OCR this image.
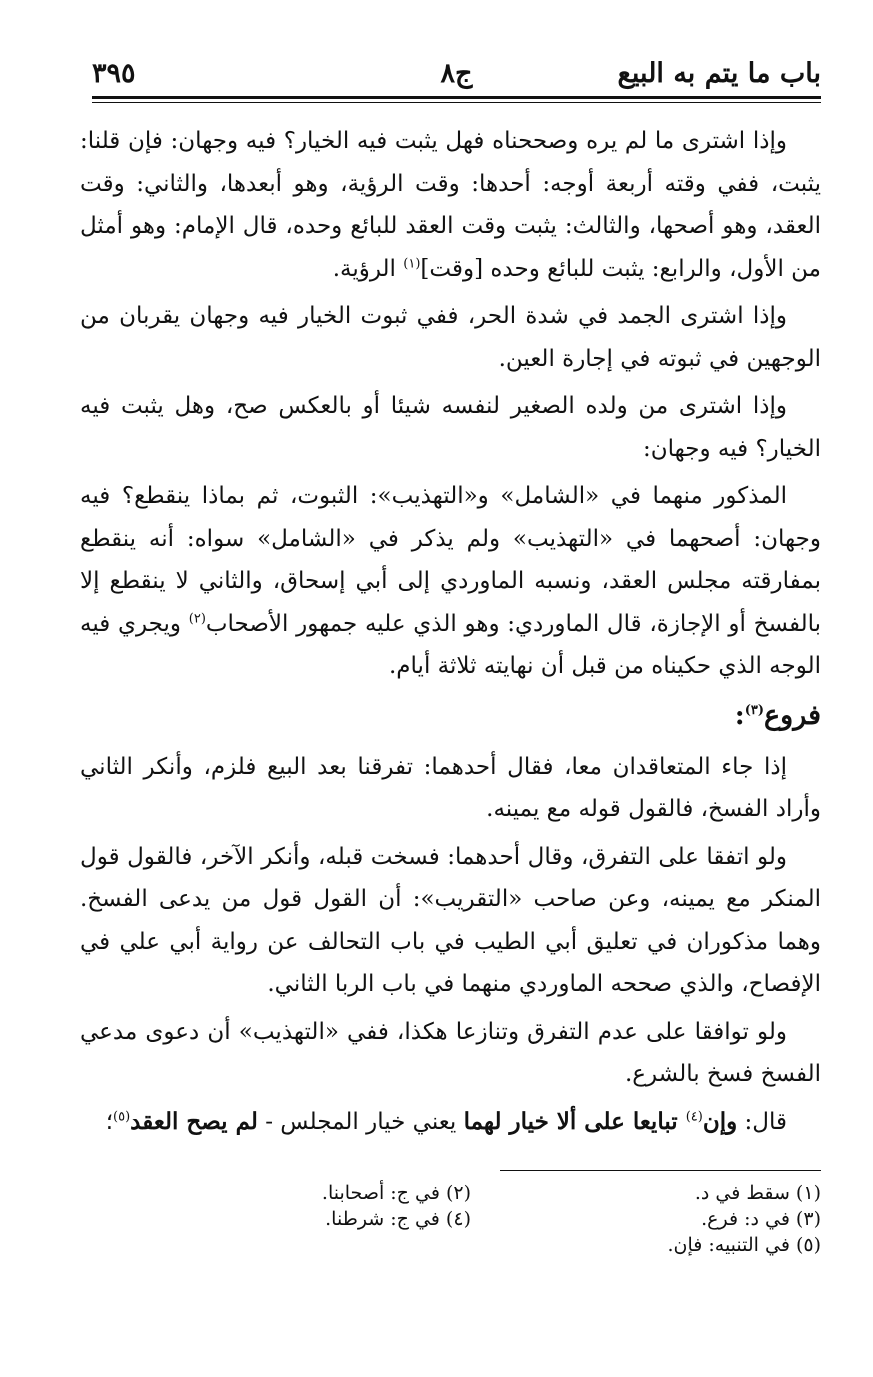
باب ما يتم به البيع
ج٨
٣٩٥

وإذا اشترى ما لم يره وصححناه فهل يثبت فيه الخيار؟ فيه وجهان: فإن قلنا: يثبت، ففي وقته أربعة أوجه: أحدها: وقت الرؤية، وهو أبعدها، والثاني: وقت العقد، وهو أصحها، والثالث: يثبت وقت العقد للبائع وحده، قال الإمام: وهو أمثل من الأول، والرابع: يثبت للبائع وحده [وقت]$^{(١)}$ الرؤية.

وإذا اشترى الجمد في شدة الحر، ففي ثبوت الخيار فيه وجهان يقربان من الوجهين في ثبوته في إجارة العين.

وإذا اشترى من ولده الصغير لنفسه شيئا أو بالعكس صح، وهل يثبت فيه الخيار؟ فيه وجهان:

المذكور منهما في «الشامل» و«التهذيب»: الثبوت، ثم بماذا ينقطع؟ فيه وجهان: أصحهما في «التهذيب» ولم يذكر في «الشامل» سواه: أنه ينقطع بمفارقته مجلس العقد، ونسبه الماوردي إلى أبي إسحاق، والثاني لا ينقطع إلا بالفسخ أو الإجازة، قال الماوردي: وهو الذي عليه جمهور الأصحاب$^{(٢)}$ ويجري فيه الوجه الذي حكيناه من قبل أن نهايته ثلاثة أيام.

فروع$^{(٣)}$:

إذا جاء المتعاقدان معا، فقال أحدهما: تفرقنا بعد البيع فلزم، وأنكر الثاني وأراد الفسخ، فالقول قوله مع يمينه.

ولو اتفقا على التفرق، وقال أحدهما: فسخت قبله، وأنكر الآخر، فالقول قول المنكر مع يمينه، وعن صاحب «التقريب»: أن القول قول من يدعى الفسخ. وهما مذكوران في تعليق أبي الطيب في باب التحالف عن رواية أبي علي في الإفصاح، والذي صححه الماوردي منهما في باب الربا الثاني.

ولو توافقا على عدم التفرق وتنازعا هكذا، ففي «التهذيب» أن دعوى مدعي الفسخ فسخ بالشرع.

قال: وإن$^{(٤)}$ تبايعا على ألا خيار لهما يعني خيار المجلس - لم يصح العقد$^{(٥)}$؛

(١) سقط في د.
(٢) في ج: أصحابنا.
(٣) في د: فرع.
(٤) في ج: شرطنا.
(٥) في التنبيه: فإن.
